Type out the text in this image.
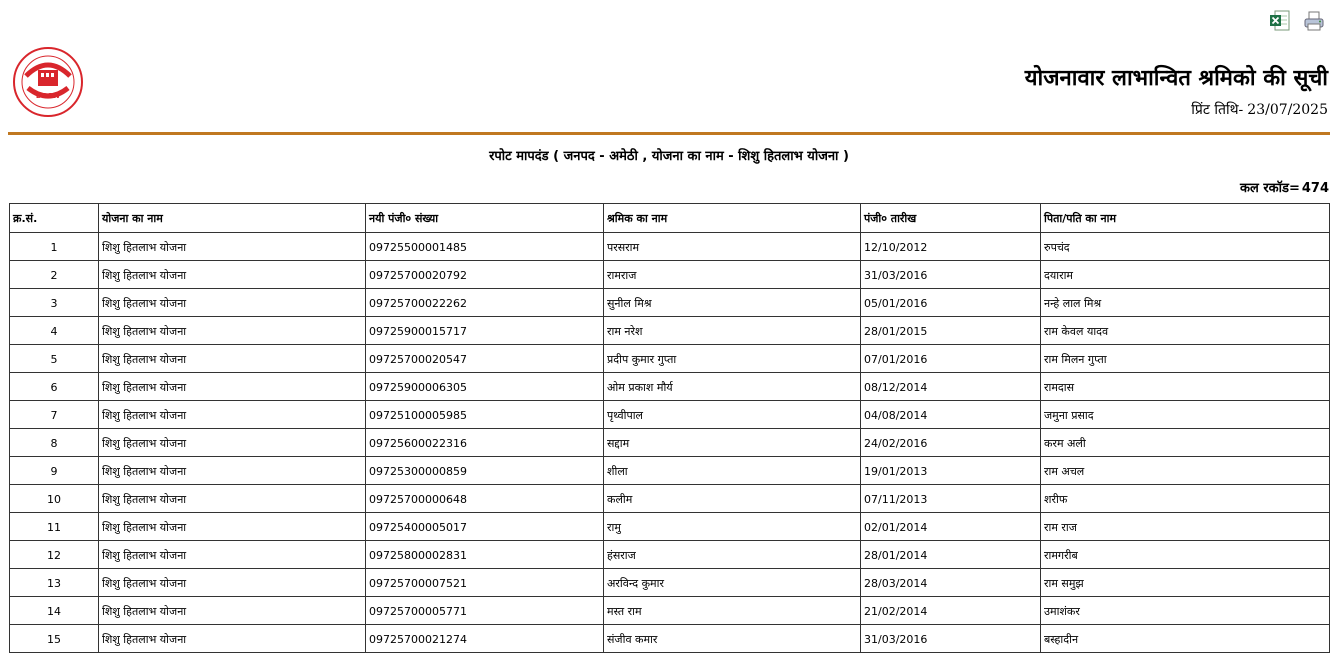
BOCW
योजनावार लाभान्वित श्रमिको की सूची
प्रिंट तिथि- 23/07/2025
रपोट मापदंड ( जनपद - अमेठी , योजना का नाम - शिशु हितलाभ योजना )
कल रकॉड= 474
क्र.सं.	योजना का नाम	नयी पंजी० संख्या	श्रमिक का नाम	पंजी० तारीख	पिता/पति का नाम
1	शिशु हितलाभ योजना	09725500001485	परसराम	12/10/2012	रुपचंद
2	शिशु हितलाभ योजना	09725700020792	रामराज	31/03/2016	दयाराम
3	शिशु हितलाभ योजना	09725700022262	सुनील मिश्र	05/01/2016	नन्हे लाल मिश्र
4	शिशु हितलाभ योजना	09725900015717	राम नरेश	28/01/2015	राम केवल यादव
5	शिशु हितलाभ योजना	09725700020547	प्रदीप कुमार गुप्ता	07/01/2016	राम मिलन गुप्ता
6	शिशु हितलाभ योजना	09725900006305	ओम प्रकाश मौर्य	08/12/2014	रामदास
7	शिशु हितलाभ योजना	09725100005985	पृथ्वीपाल	04/08/2014	जमुना प्रसाद
8	शिशु हितलाभ योजना	09725600022316	सद्दाम	24/02/2016	करम अली
9	शिशु हितलाभ योजना	09725300000859	शीला	19/01/2013	राम अचल
10	शिशु हितलाभ योजना	09725700000648	कलीम	07/11/2013	शरीफ
11	शिशु हितलाभ योजना	09725400005017	रामु	02/01/2014	राम राज
12	शिशु हितलाभ योजना	09725800002831	हंसराज	28/01/2014	रामगरीब
13	शिशु हितलाभ योजना	09725700007521	अरविन्द कुमार	28/03/2014	राम समुझ
14	शिशु हितलाभ योजना	09725700005771	मस्त राम	21/02/2014	उमाशंकर
15	शिशु हितलाभ योजना	09725700021274	संजीव कमार	31/03/2016	बस्हादीन
